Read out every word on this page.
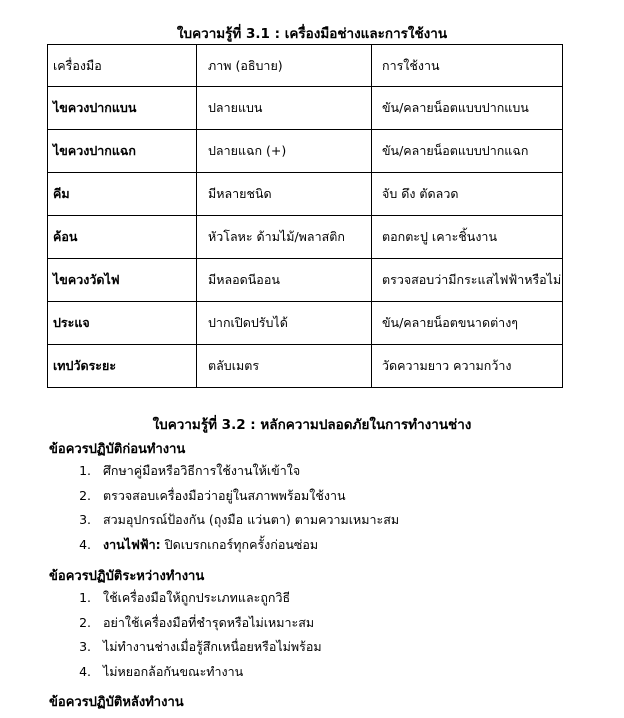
ใบความรู้ที่ 3.1 : เครื่องมือช่างและการใช้งาน
เครื่องมือ	ภาพ (อธิบาย)	การใช้งาน
ไขควงปากแบน	ปลายแบน	ขัน/คลายน็อตแบบปากแบน
ไขควงปากแฉก	ปลายแฉก (+)	ขัน/คลายน็อตแบบปากแฉก
คีม	มีหลายชนิด	จับ ดึง ตัดลวด
ค้อน	หัวโลหะ ด้ามไม้/พลาสติก	ตอกตะปู เคาะชิ้นงาน
ไขควงวัดไฟ	มีหลอดนีออน	ตรวจสอบว่ามีกระแสไฟฟ้าหรือไม่
ประแจ	ปากเปิดปรับได้	ขัน/คลายน็อตขนาดต่างๆ
เทปวัดระยะ	ตลับเมตร	วัดความยาว ความกว้าง
ใบความรู้ที่ 3.2 : หลักความปลอดภัยในการทำงานช่าง
ข้อควรปฏิบัติก่อนทำงาน
1. ศึกษาคู่มือหรือวิธีการใช้งานให้เข้าใจ
2. ตรวจสอบเครื่องมือว่าอยู่ในสภาพพร้อมใช้งาน
3. สวมอุปกรณ์ป้องกัน (ถุงมือ แว่นตา) ตามความเหมาะสม
4. งานไฟฟ้า: ปิดเบรกเกอร์ทุกครั้งก่อนซ่อม
ข้อควรปฏิบัติระหว่างทำงาน
1. ใช้เครื่องมือให้ถูกประเภทและถูกวิธี
2. อย่าใช้เครื่องมือที่ชำรุดหรือไม่เหมาะสม
3. ไม่ทำงานช่างเมื่อรู้สึกเหนื่อยหรือไม่พร้อม
4. ไม่หยอกล้อกันขณะทำงาน
ข้อควรปฏิบัติหลังทำงาน
